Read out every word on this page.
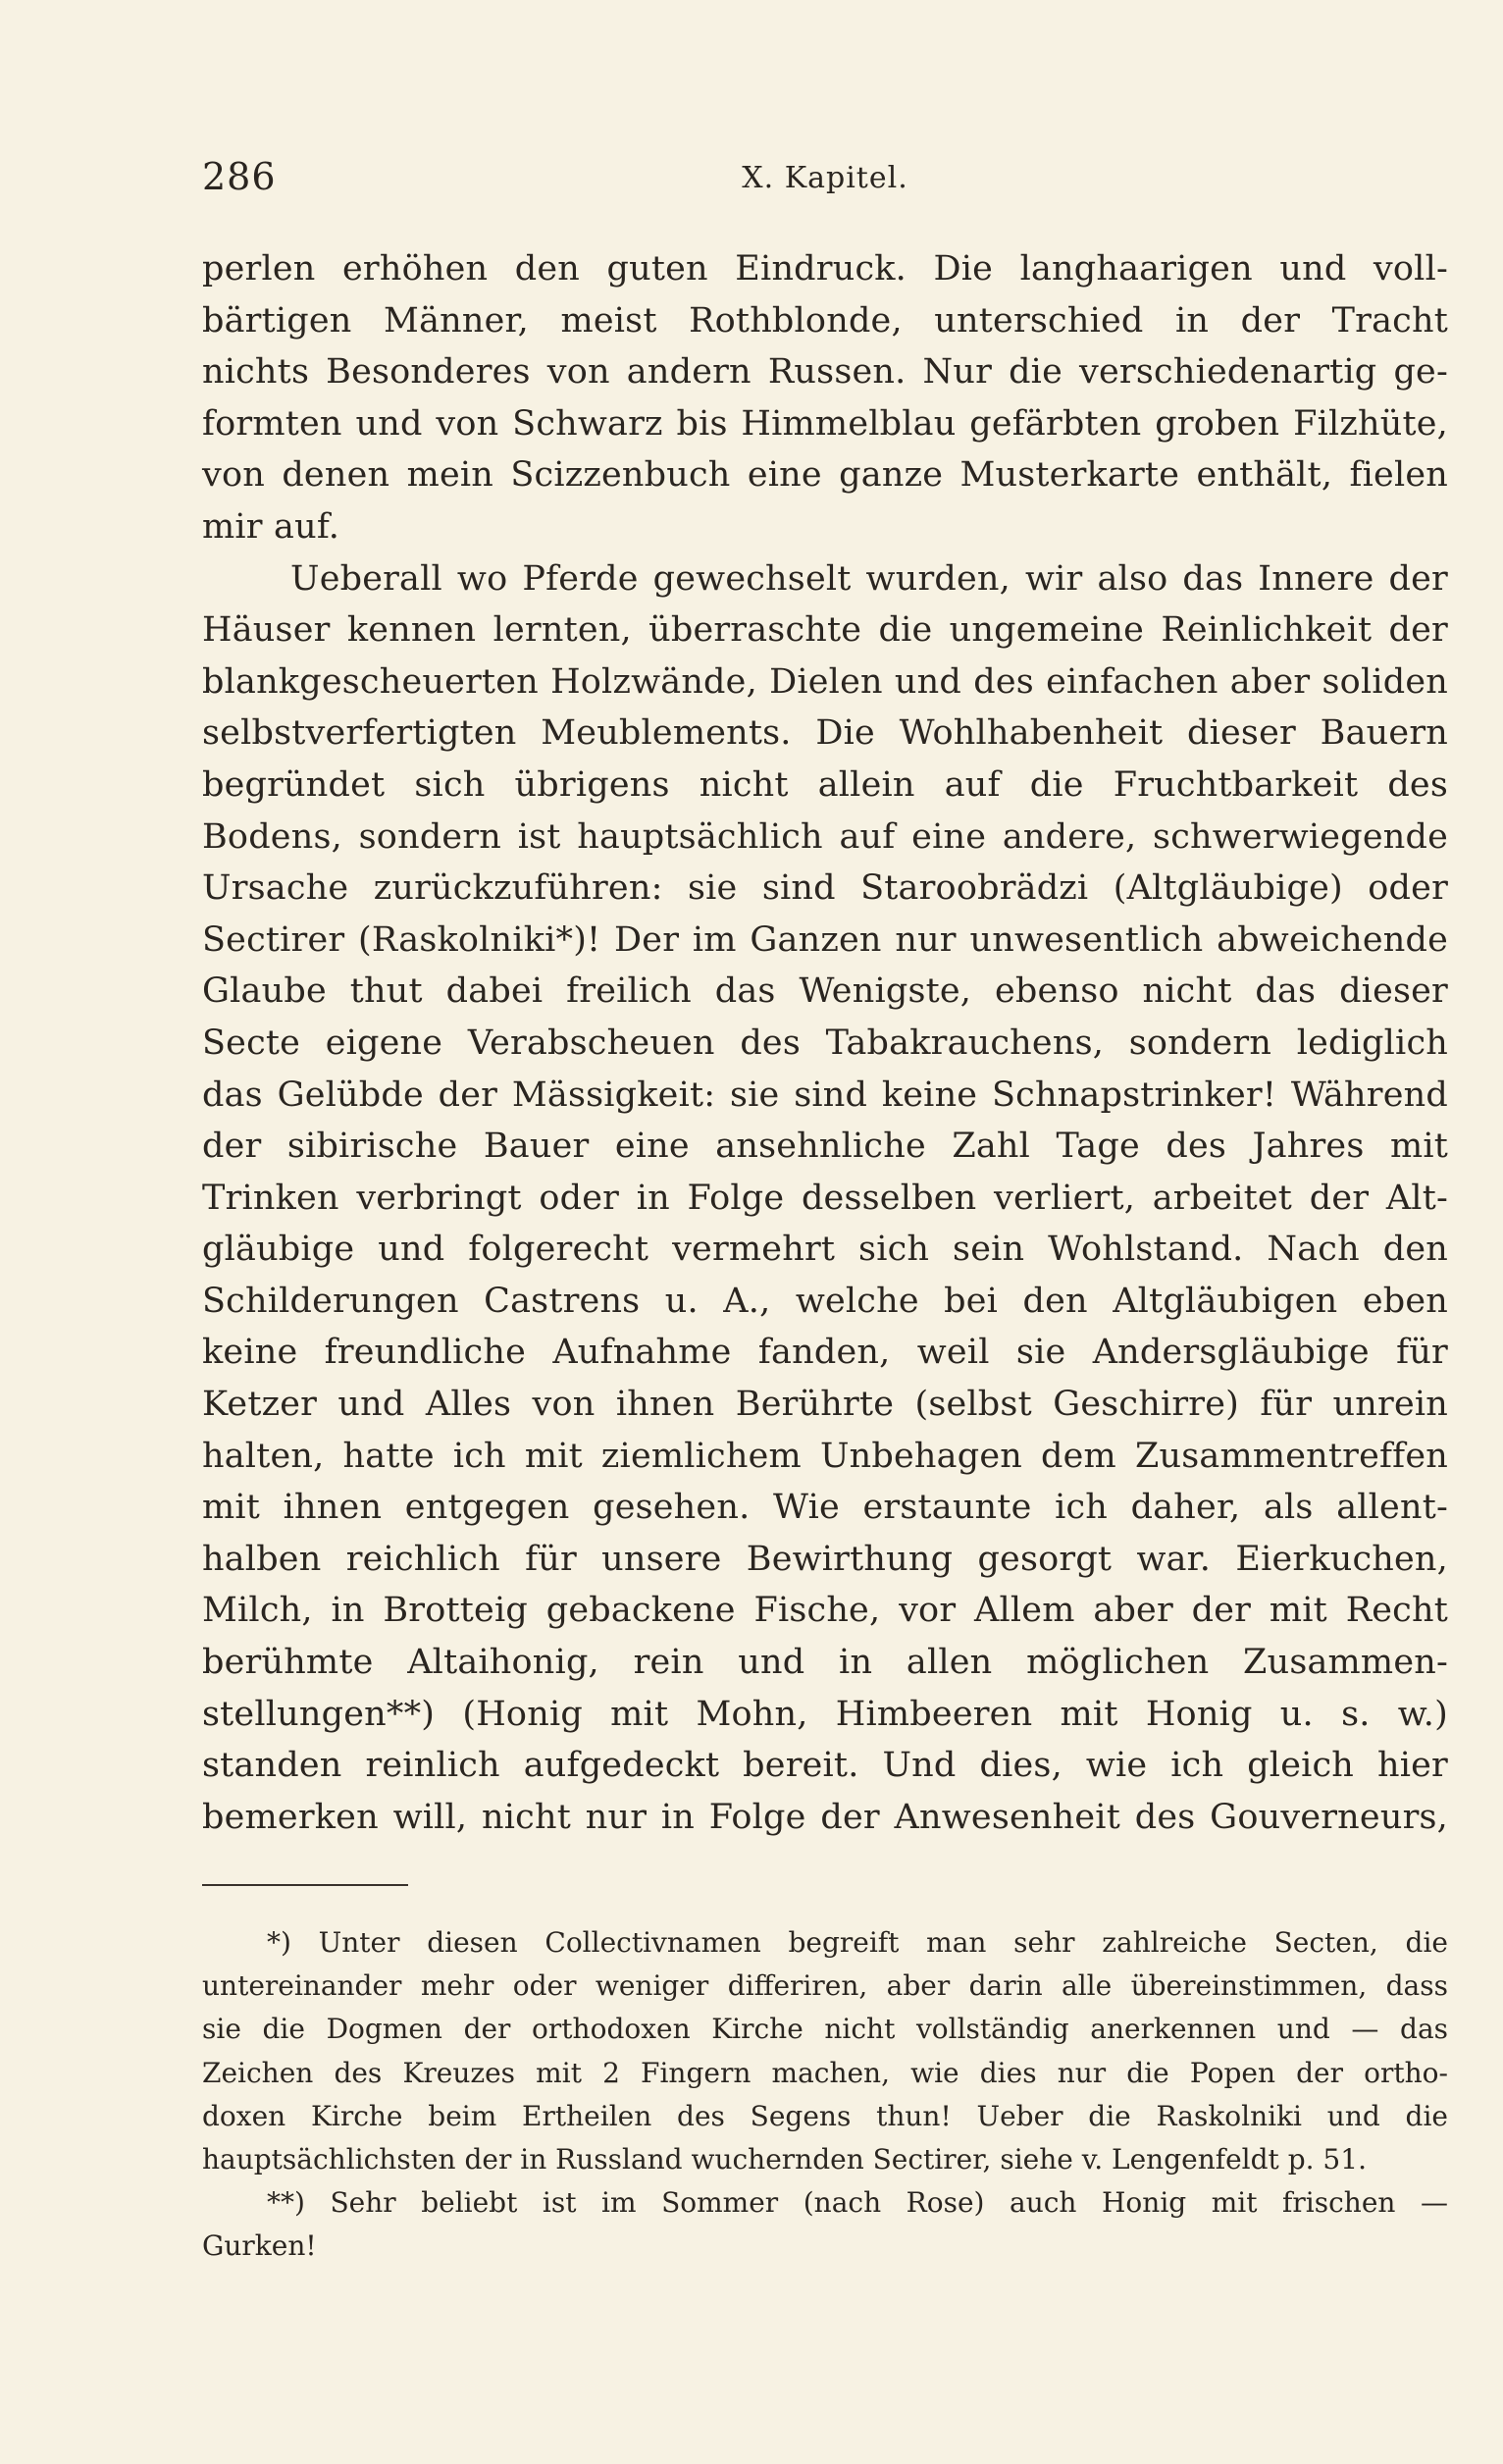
286	X. Kapitel.
perlen erhöhen den guten Eindruck. Die langhaarigen und voll-
bärtigen Männer, meist Rothblonde, unterschied in der Tracht
nichts Besonderes von andern Russen. Nur die verschiedenartig ge-
formten und von Schwarz bis Himmelblau gefärbten groben Filzhüte,
von denen mein Scizzenbuch eine ganze Musterkarte enthält, fielen
mir auf.
Ueberall wo Pferde gewechselt wurden, wir also das Innere der
Häuser kennen lernten, überraschte die ungemeine Reinlichkeit der
blankgescheuerten Holzwände, Dielen und des einfachen aber soliden
selbstverfertigten Meublements. Die Wohlhabenheit dieser Bauern
begründet sich übrigens nicht allein auf die Fruchtbarkeit des
Bodens, sondern ist hauptsächlich auf eine andere, schwerwiegende
Ursache zurückzuführen: sie sind Staroobrädzi (Altgläubige) oder
Sectirer (Raskolniki*)! Der im Ganzen nur unwesentlich abweichende
Glaube thut dabei freilich das Wenigste, ebenso nicht das dieser
Secte eigene Verabscheuen des Tabakrauchens, sondern lediglich
das Gelübde der Mässigkeit: sie sind keine Schnapstrinker! Während
der sibirische Bauer eine ansehnliche Zahl Tage des Jahres mit
Trinken verbringt oder in Folge desselben verliert, arbeitet der Alt-
gläubige und folgerecht vermehrt sich sein Wohlstand. Nach den
Schilderungen Castrens u. A., welche bei den Altgläubigen eben
keine freundliche Aufnahme fanden, weil sie Andersgläubige für
Ketzer und Alles von ihnen Berührte (selbst Geschirre) für unrein
halten, hatte ich mit ziemlichem Unbehagen dem Zusammentreffen
mit ihnen entgegen gesehen. Wie erstaunte ich daher, als allent-
halben reichlich für unsere Bewirthung gesorgt war. Eierkuchen,
Milch, in Brotteig gebackene Fische, vor Allem aber der mit Recht
berühmte Altaihonig, rein und in allen möglichen Zusammen-
stellungen**) (Honig mit Mohn, Himbeeren mit Honig u. s. w.)
standen reinlich aufgedeckt bereit. Und dies, wie ich gleich hier
bemerken will, nicht nur in Folge der Anwesenheit des Gouverneurs,
*) Unter diesen Collectivnamen begreift man sehr zahlreiche Secten, die
untereinander mehr oder weniger differiren, aber darin alle übereinstimmen, dass
sie die Dogmen der orthodoxen Kirche nicht vollständig anerkennen und — das
Zeichen des Kreuzes mit 2 Fingern machen, wie dies nur die Popen der ortho-
doxen Kirche beim Ertheilen des Segens thun! Ueber die Raskolniki und die
hauptsächlichsten der in Russland wuchernden Sectirer, siehe v. Lengenfeldt p. 51.
**) Sehr beliebt ist im Sommer (nach Rose) auch Honig mit frischen —
Gurken!
